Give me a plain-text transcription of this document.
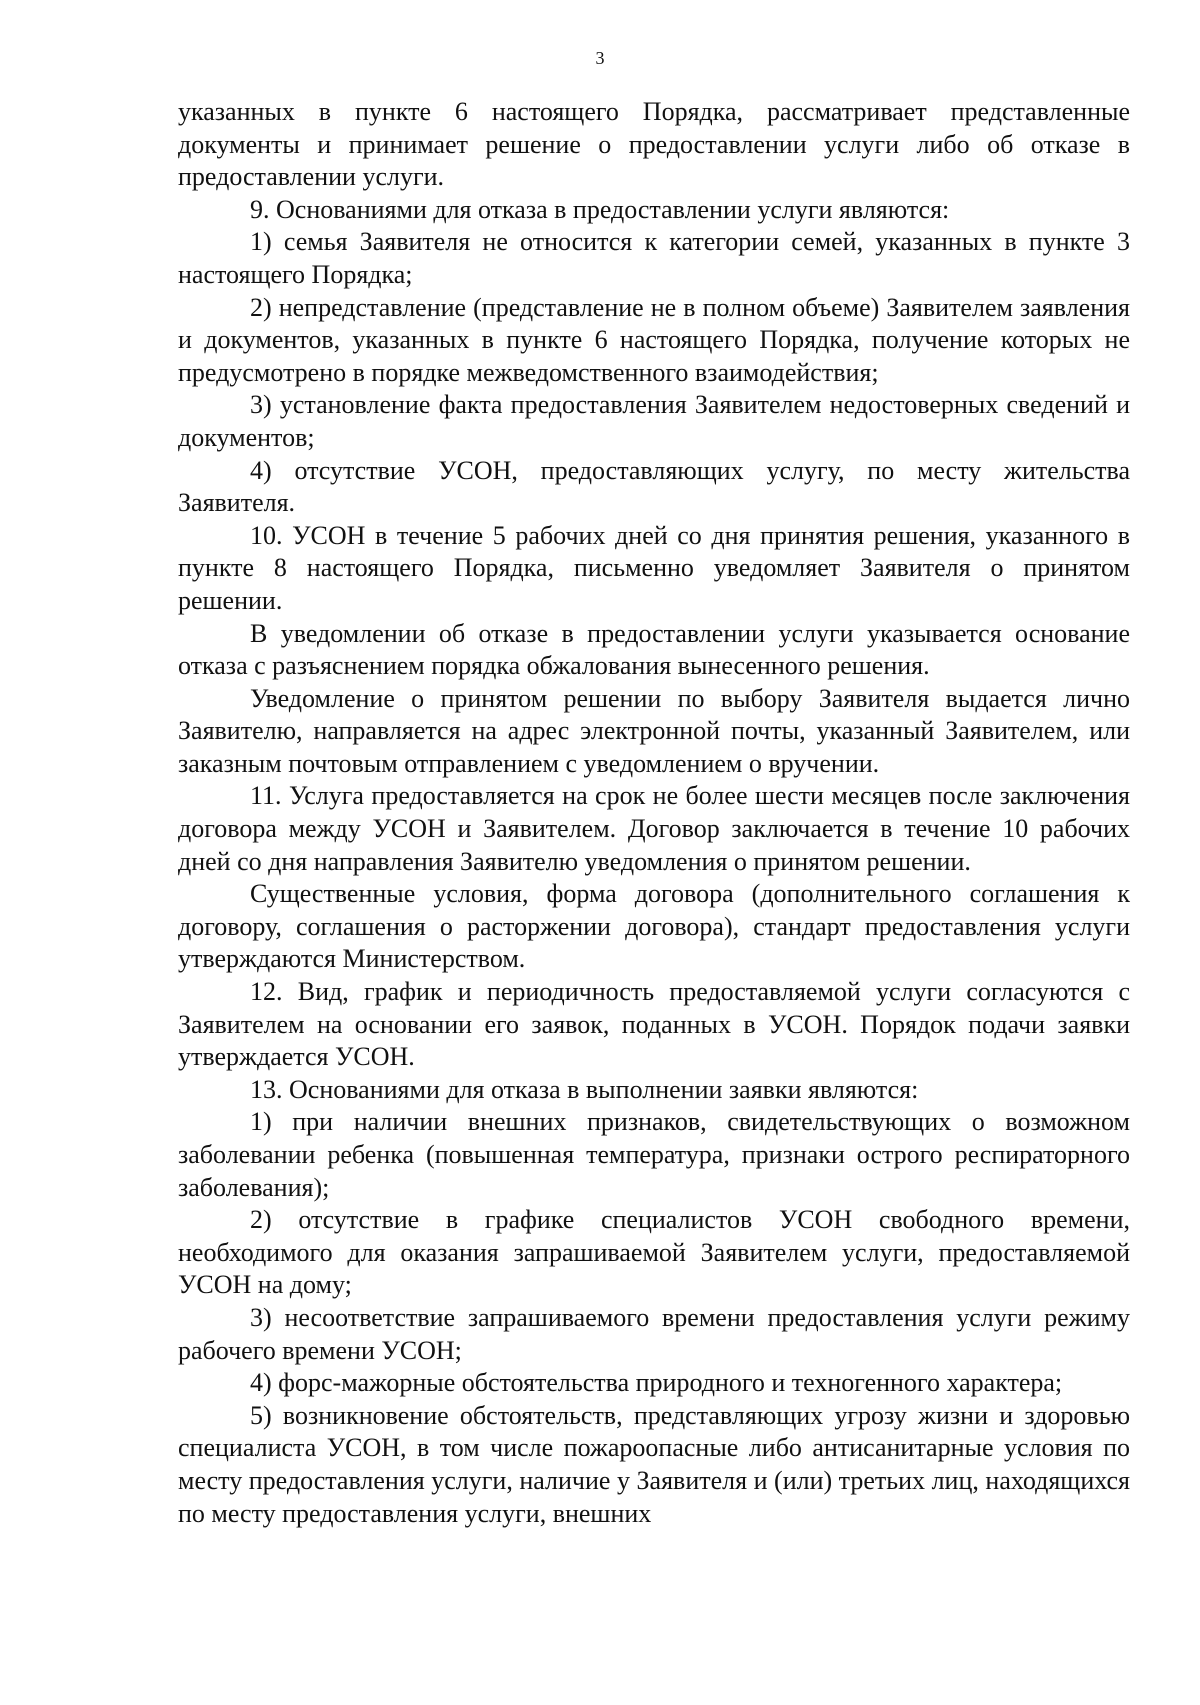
3

указанных в пункте 6 настоящего Порядка, рассматривает представленные документы и принимает решение о предоставлении услуги либо об отказе в предоставлении услуги.

9. Основаниями для отказа в предоставлении услуги являются:

1) семья Заявителя не относится к категории семей, указанных в пункте 3 настоящего Порядка;

2) непредставление (представление не в полном объеме) Заявителем заявления и документов, указанных в пункте 6 настоящего Порядка, получение которых не предусмотрено в порядке межведомственного взаимодействия;

3) установление факта предоставления Заявителем недостоверных сведений и документов;

4) отсутствие УСОН, предоставляющих услугу, по месту жительства Заявителя.

10. УСОН в течение 5 рабочих дней со дня принятия решения, указанного в пункте 8 настоящего Порядка, письменно уведомляет Заявителя о принятом решении.

В уведомлении об отказе в предоставлении услуги указывается основание отказа с разъяснением порядка обжалования вынесенного решения.

Уведомление о принятом решении по выбору Заявителя выдается лично Заявителю, направляется на адрес электронной почты, указанный Заявителем, или заказным почтовым отправлением с уведомлением о вручении.

11. Услуга предоставляется на срок не более шести месяцев после заключения договора между УСОН и Заявителем. Договор заключается в течение 10 рабочих дней со дня направления Заявителю уведомления о принятом решении.

Существенные условия, форма договора (дополнительного соглашения к договору, соглашения о расторжении договора), стандарт предоставления услуги утверждаются Министерством.

12. Вид, график и периодичность предоставляемой услуги согласуются с Заявителем на основании его заявок, поданных в УСОН. Порядок подачи заявки утверждается УСОН.

13. Основаниями для отказа в выполнении заявки являются:

1) при наличии внешних признаков, свидетельствующих о возможном заболевании ребенка (повышенная температура, признаки острого респираторного заболевания);

2) отсутствие в графике специалистов УСОН свободного времени, необходимого для оказания запрашиваемой Заявителем услуги, предоставляемой УСОН на дому;

3) несоответствие запрашиваемого времени предоставления услуги режиму рабочего времени УСОН;

4) форс-мажорные обстоятельства природного и техногенного характера;

5) возникновение обстоятельств, представляющих угрозу жизни и здоровью специалиста УСОН, в том числе пожароопасные либо антисанитарные условия по месту предоставления услуги, наличие у Заявителя и (или) третьих лиц, находящихся по месту предоставления услуги, внешних
